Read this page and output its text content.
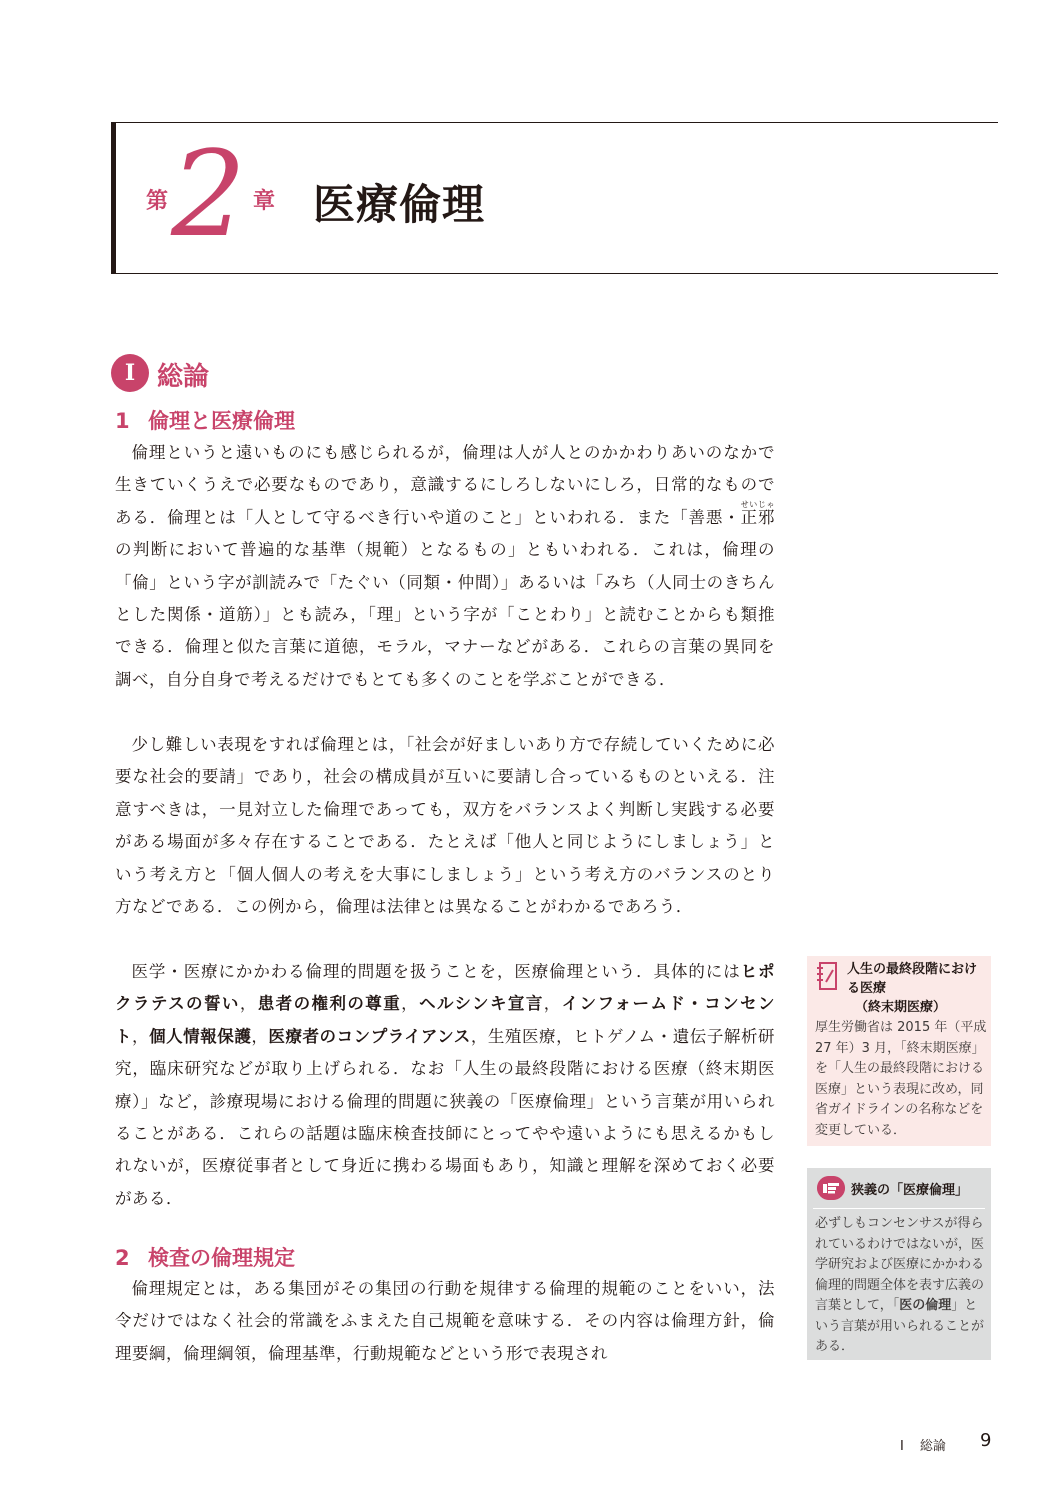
第 2 章 医療倫理
I 総論
1 倫理と医療倫理
倫理というと遠いものにも感じられるが，倫理は人が人とのかかわりあいのなかで生きていくうえで必要なものであり，意識するにしろしないにしろ，日常的なものである．倫理とは「人として守るべき行いや道のこと」といわれる．また「善悪・正邪せいじゃの判断において普遍的な基準（規範）となるもの」ともいわれる．これは，倫理の「倫」という字が訓読みで「たぐい（同類・仲間）」あるいは「みち（人同士のきちんとした関係・道筋）」とも読み，「理」という字が「ことわり」と読むことからも類推できる．倫理と似た言葉に道徳，モラル，マナーなどがある．これらの言葉の異同を調べ，自分自身で考えるだけでもとても多くのことを学ぶことができる．
少し難しい表現をすれば倫理とは，「社会が好ましいあり方で存続していくために必要な社会的要請」であり，社会の構成員が互いに要請し合っているものといえる．注意すべきは，一見対立した倫理であっても，双方をバランスよく判断し実践する必要がある場面が多々存在することである．たとえば「他人と同じようにしましょう」という考え方と「個人個人の考えを大事にしましょう」という考え方のバランスのとり方などである．この例から，倫理は法律とは異なることがわかるであろう．
医学・医療にかかわる倫理的問題を扱うことを，医療倫理という．具体的にはヒポクラテスの誓い，患者の権利の尊重，ヘルシンキ宣言，インフォームド・コンセント，個人情報保護，医療者のコンプライアンス，生殖医療，ヒトゲノム・遺伝子解析研究，臨床研究などが取り上げられる．なお「人生の最終段階における医療（終末期医療）」など，診療現場における倫理的問題に狭義の「医療倫理」という言葉が用いられることがある．これらの話題は臨床検査技師にとってやや遠いようにも思えるかもしれないが，医療従事者として身近に携わる場面もあり，知識と理解を深めておく必要がある．
2 検査の倫理規定
倫理規定とは，ある集団がその集団の行動を規律する倫理的規範のことをいい，法令だけではなく社会的常識をふまえた自己規範を意味する．その内容は倫理方針，倫理要綱，倫理綱領，倫理基準，行動規範などという形で表現され
人生の最終段階における医療
（終末期医療）
厚生労働省は 2015 年（平成 27 年）3 月，「終末期医療」を「人生の最終段階における医療」という表現に改め，同省ガイドラインの名称などを変更している．
狭義の「医療倫理」
必ずしもコンセンサスが得られているわけではないが，医学研究および医療にかかわる倫理的問題全体を表す広義の言葉として，「医の倫理」という言葉が用いられることがある．
I 総論 9
